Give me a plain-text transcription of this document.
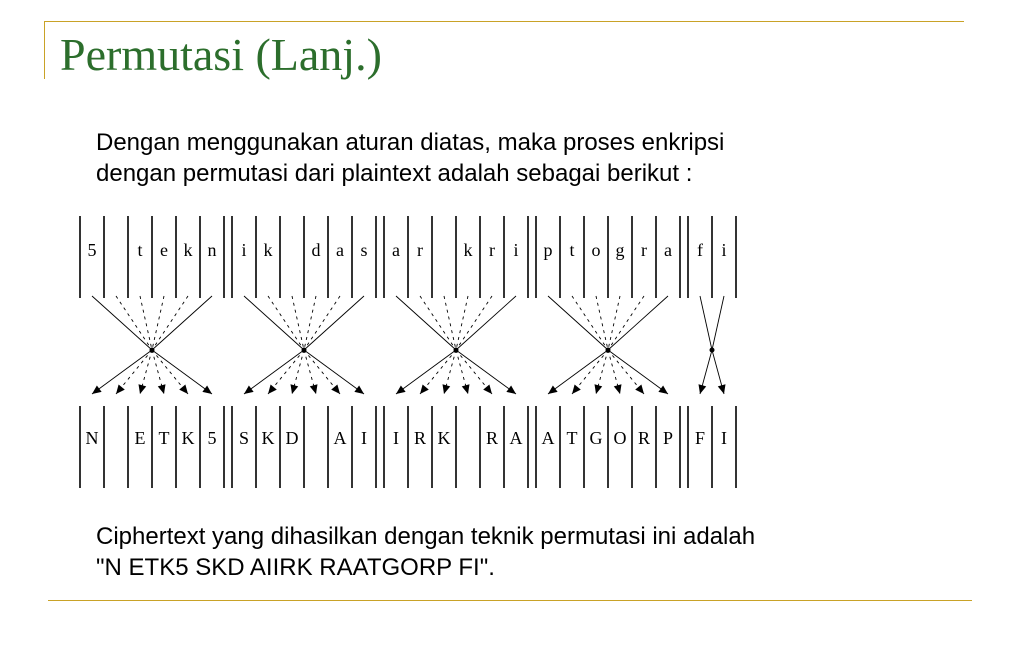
Permutasi (Lanj.)

Dengan menggunakan aturan diatas, maka proses enkripsi
dengan permutasi dari plaintext adalah sebagai berikut :

5 t e k n
N E T K 5
i k d a s
S K D A I
a r k r i
I R K R A
p t o g r a
A T G O R P
f i
F I

Ciphertext yang dihasilkan dengan teknik permutasi ini adalah
"N ETK5 SKD AIIRK RAATGORP FI".
